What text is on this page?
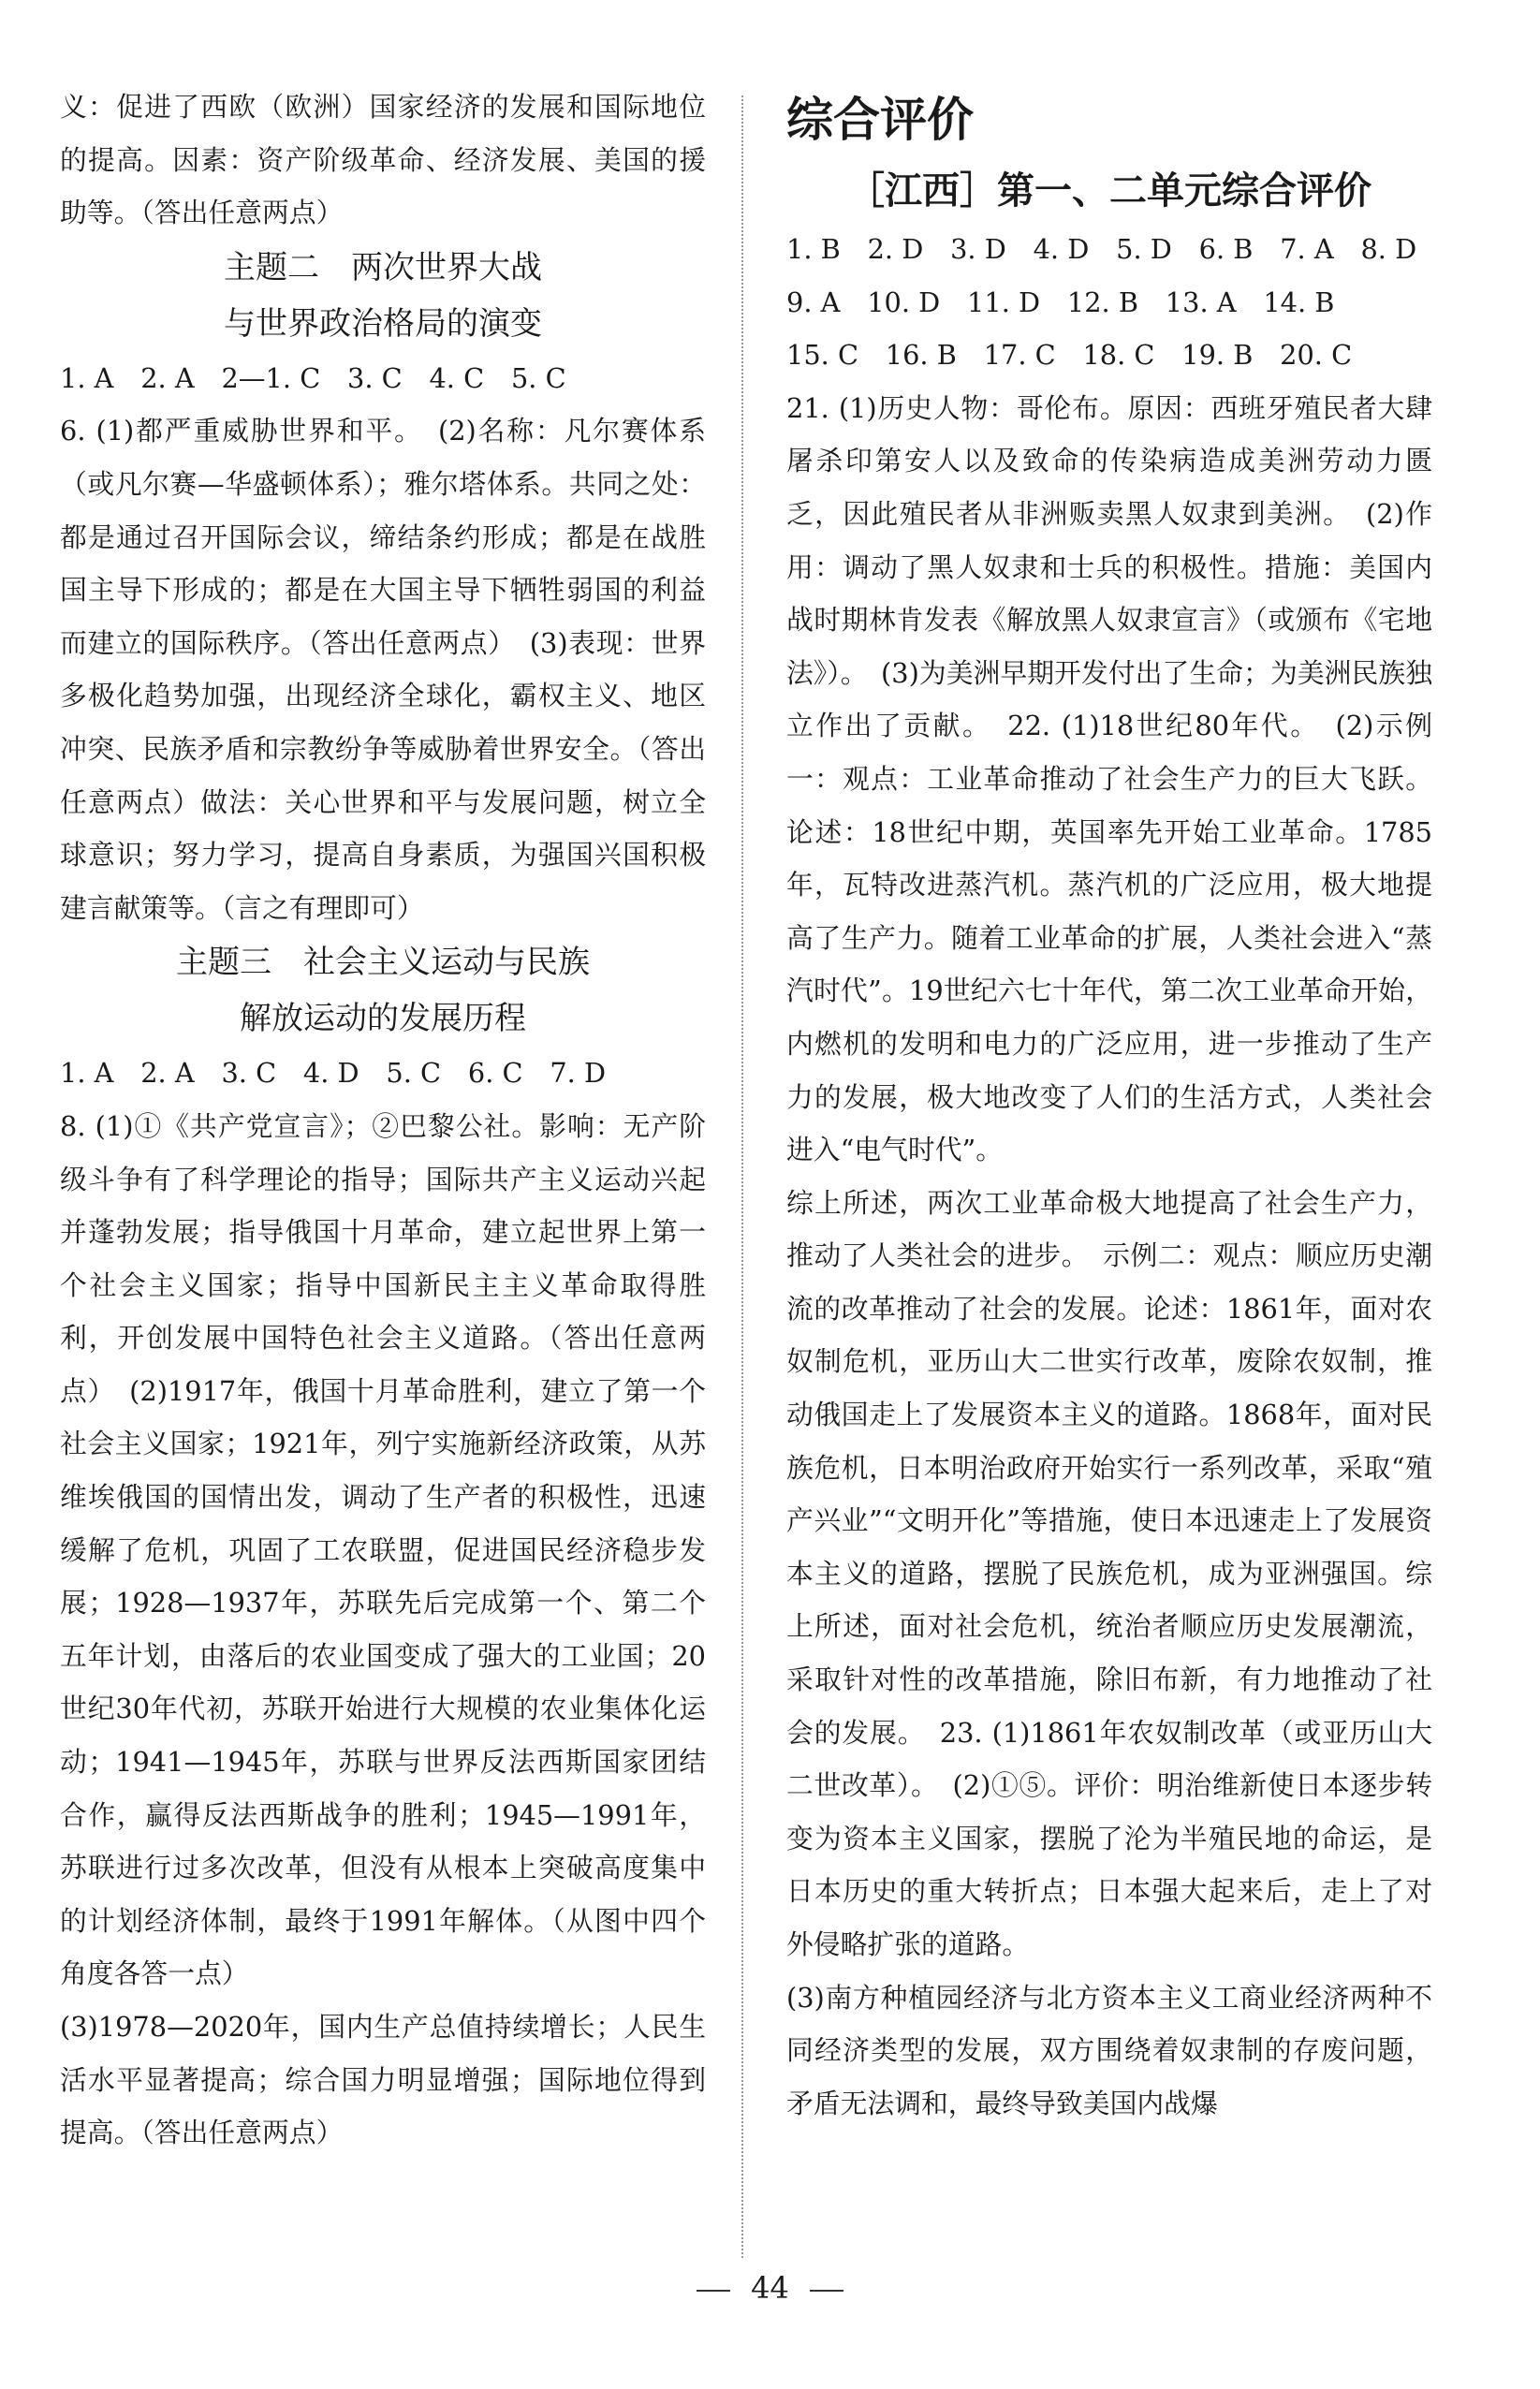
义：促进了西欧（欧洲）国家经济的发展和国际地位的提高。因素：资产阶级革命、经济发展、美国的援助等。（答出任意两点）

主题二　两次世界大战
与世界政治格局的演变

1. A　2. A　2—1. C　3. C　4. C　5. C

6. (1)都严重威胁世界和平。　(2)名称：凡尔赛体系（或凡尔赛—华盛顿体系）；雅尔塔体系。共同之处：都是通过召开国际会议，缔结条约形成；都是在战胜国主导下形成的；都是在大国主导下牺牲弱国的利益而建立的国际秩序。（答出任意两点）　(3)表现：世界多极化趋势加强，出现经济全球化，霸权主义、地区冲突、民族矛盾和宗教纷争等威胁着世界安全。（答出任意两点）做法：关心世界和平与发展问题，树立全球意识；努力学习，提高自身素质，为强国兴国积极建言献策等。（言之有理即可）

主题三　社会主义运动与民族
解放运动的发展历程

1. A　2. A　3. C　4. D　5. C　6. C　7. D

8. (1)①《共产党宣言》；②巴黎公社。影响：无产阶级斗争有了科学理论的指导；国际共产主义运动兴起并蓬勃发展；指导俄国十月革命，建立起世界上第一个社会主义国家；指导中国新民主主义革命取得胜利，开创发展中国特色社会主义道路。（答出任意两点）　(2)1917年，俄国十月革命胜利，建立了第一个社会主义国家；1921年，列宁实施新经济政策，从苏维埃俄国的国情出发，调动了生产者的积极性，迅速缓解了危机，巩固了工农联盟，促进国民经济稳步发展；1928—1937年，苏联先后完成第一个、第二个五年计划，由落后的农业国变成了强大的工业国；20世纪30年代初，苏联开始进行大规模的农业集体化运动；1941—1945年，苏联与世界反法西斯国家团结合作，赢得反法西斯战争的胜利；1945—1991年，苏联进行过多次改革，但没有从根本上突破高度集中的计划经济体制，最终于1991年解体。（从图中四个角度各答一点）

(3)1978—2020年，国内生产总值持续增长；人民生活水平显著提高；综合国力明显增强；国际地位得到提高。（答出任意两点）

综合评价
［江西］第一、二单元综合评价

1. B　2. D　3. D　4. D　5. D　6. B　7. A　8. D

9. A　10. D　11. D　12. B　13. A　14. B

15. C　16. B　17. C　18. C　19. B　20. C

21. (1)历史人物：哥伦布。原因：西班牙殖民者大肆屠杀印第安人以及致命的传染病造成美洲劳动力匮乏，因此殖民者从非洲贩卖黑人奴隶到美洲。　(2)作用：调动了黑人奴隶和士兵的积极性。措施：美国内战时期林肯发表《解放黑人奴隶宣言》（或颁布《宅地法》）。　(3)为美洲早期开发付出了生命；为美洲民族独立作出了贡献。　22. (1)18世纪80年代。　(2)示例一：观点：工业革命推动了社会生产力的巨大飞跃。论述：18世纪中期，英国率先开始工业革命。1785年，瓦特改进蒸汽机。蒸汽机的广泛应用，极大地提高了生产力。随着工业革命的扩展，人类社会进入“蒸汽时代”。19世纪六七十年代，第二次工业革命开始，内燃机的发明和电力的广泛应用，进一步推动了生产力的发展，极大地改变了人们的生活方式，人类社会进入“电气时代”。

综上所述，两次工业革命极大地提高了社会生产力，推动了人类社会的进步。　示例二：观点：顺应历史潮流的改革推动了社会的发展。论述：1861年，面对农奴制危机，亚历山大二世实行改革，废除农奴制，推动俄国走上了发展资本主义的道路。1868年，面对民族危机，日本明治政府开始实行一系列改革，采取“殖产兴业”“文明开化”等措施，使日本迅速走上了发展资本主义的道路，摆脱了民族危机，成为亚洲强国。综上所述，面对社会危机，统治者顺应历史发展潮流，采取针对性的改革措施，除旧布新，有力地推动了社会的发展。　23. (1)1861年农奴制改革（或亚历山大二世改革）。　(2)①⑤。评价：明治维新使日本逐步转变为资本主义国家，摆脱了沦为半殖民地的命运，是日本历史的重大转折点；日本强大起来后，走上了对外侵略扩张的道路。

(3)南方种植园经济与北方资本主义工商业经济两种不同经济类型的发展，双方围绕着奴隶制的存废问题，矛盾无法调和，最终导致美国内战爆

44
